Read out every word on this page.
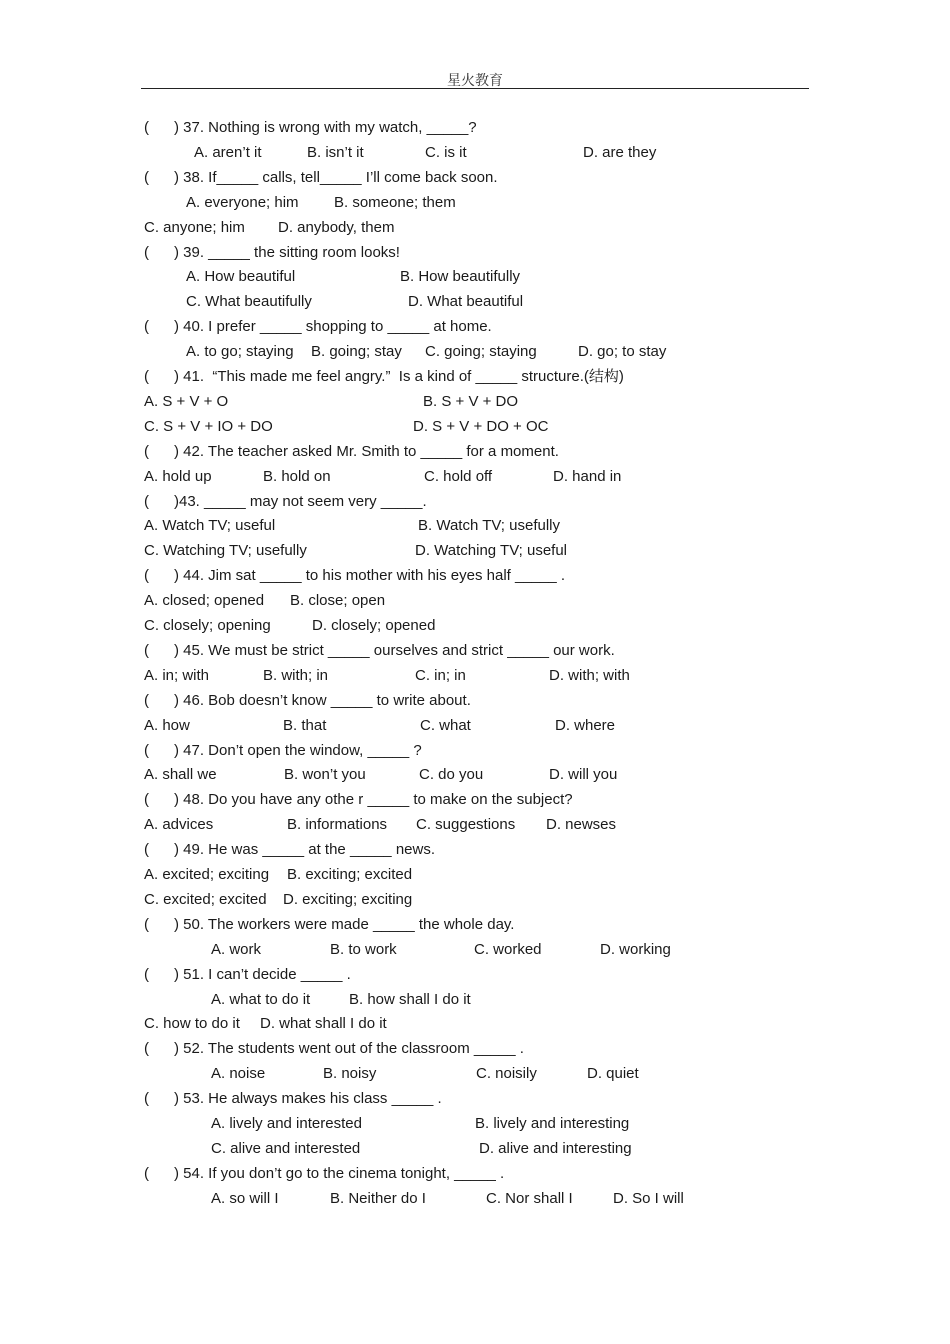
星火教育
( ) 37. Nothing is wrong with my watch, _____?
A. aren’t it	B. isn’t it	C. is it	D. are they
( ) 38. If_____ calls, tell_____ I’ll come back soon.
A. everyone; him B. someone; them
C. anyone; him D. anybody, them
( ) 39. _____ the sitting room looks!
A. How beautiful	B. How beautifully
C. What beautifully	D. What beautiful
( ) 40. I prefer _____ shopping to _____ at home.
A. to go; staying B. going; stay C. going; staying	D. go; to stay
( ) 41.  “This made me feel angry.”  Is a kind of _____ structure.(结构)
A. S + V + O	B. S + V + DO
C. S + V + IO + DO	D. S + V + DO + OC
( ) 42. The teacher asked Mr. Smith to _____ for a moment.
A. hold up	B. hold on	C. hold off	D. hand in
( )43. _____ may not seem very _____.
A. Watch TV; useful	B. Watch TV; usefully
C. Watching TV; usefully	D. Watching TV; useful
( ) 44. Jim sat _____ to his mother with his eyes half _____ .
A. closed; opened B. close; open
C. closely; opening	D. closely; opened
( ) 45. We must be strict _____ ourselves and strict _____ our work.
A. in; with	B. with; in	C. in; in	D. with; with
( ) 46. Bob doesn’t know _____ to write about.
A. how	B. that	C. what	D. where
( ) 47. Don’t open the window, _____ ?
A. shall we	B. won’t you	C. do you	D. will you
( ) 48. Do you have any othe r _____ to make on the subject?
A. advices	B. informations C. suggestions D. newses
( ) 49. He was _____ at the _____ news.
A. excited; exciting B. exciting; excited
C. excited; excited D. exciting; exciting
( ) 50. The workers were made _____ the whole day.
A. work	B. to work	C. worked	D. working
( ) 51. I can’t decide _____ .
A. what to do it	B. how shall I do it
C. how to do it D. what shall I do it
( ) 52. The students went out of the classroom _____ .
A. noise	B. noisy	C. noisily	D. quiet
( ) 53. He always makes his class _____ .
A. lively and interested	B. lively and interesting
C. alive and interested	D. alive and interesting
( ) 54. If you don’t go to the cinema tonight, _____ .
A. so will I	B. Neither do I	C. Nor shall I	D. So I will
